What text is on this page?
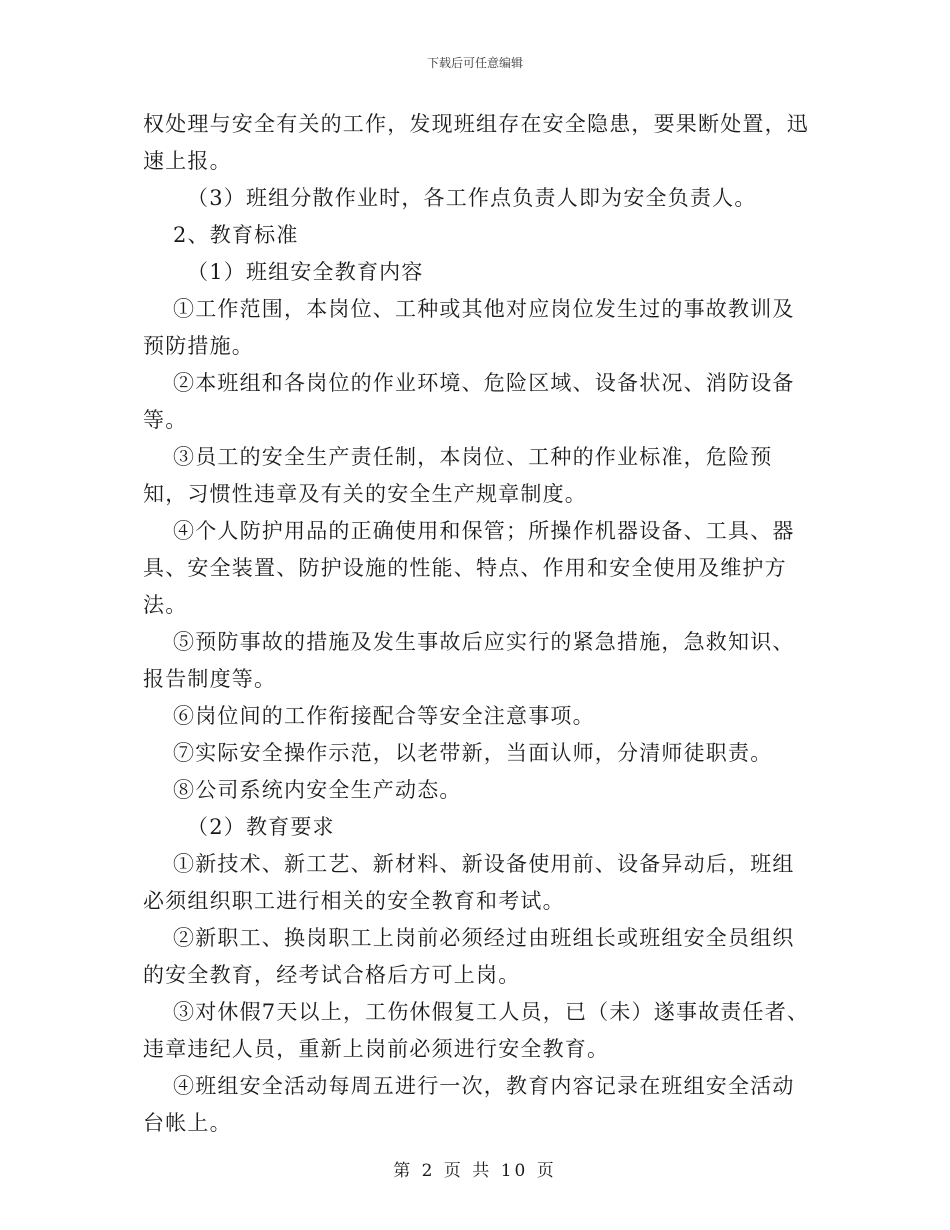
下载后可任意编辑

权处理与安全有关的工作，发现班组存在安全隐患，要果断处置，迅速上报。

（3）班组分散作业时，各工作点负责人即为安全负责人。

2、教育标准

（1）班组安全教育内容

①工作范围，本岗位、工种或其他对应岗位发生过的事故教训及预防措施。

②本班组和各岗位的作业环境、危险区域、设备状况、消防设备等。

③员工的安全生产责任制，本岗位、工种的作业标准，危险预知，习惯性违章及有关的安全生产规章制度。

④个人防护用品的正确使用和保管；所操作机器设备、工具、器具、安全装置、防护设施的性能、特点、作用和安全使用及维护方法。

⑤预防事故的措施及发生事故后应实行的紧急措施，急救知识、报告制度等。

⑥岗位间的工作衔接配合等安全注意事项。

⑦实际安全操作示范，以老带新，当面认师，分清师徒职责。

⑧公司系统内安全生产动态。

（2）教育要求

①新技术、新工艺、新材料、新设备使用前、设备异动后，班组必须组织职工进行相关的安全教育和考试。

②新职工、换岗职工上岗前必须经过由班组长或班组安全员组织的安全教育，经考试合格后方可上岗。

③对休假7天以上，工伤休假复工人员，已（未）遂事故责任者、违章违纪人员，重新上岗前必须进行安全教育。

④班组安全活动每周五进行一次，教育内容记录在班组安全活动台帐上。

第 2 页 共 10 页
